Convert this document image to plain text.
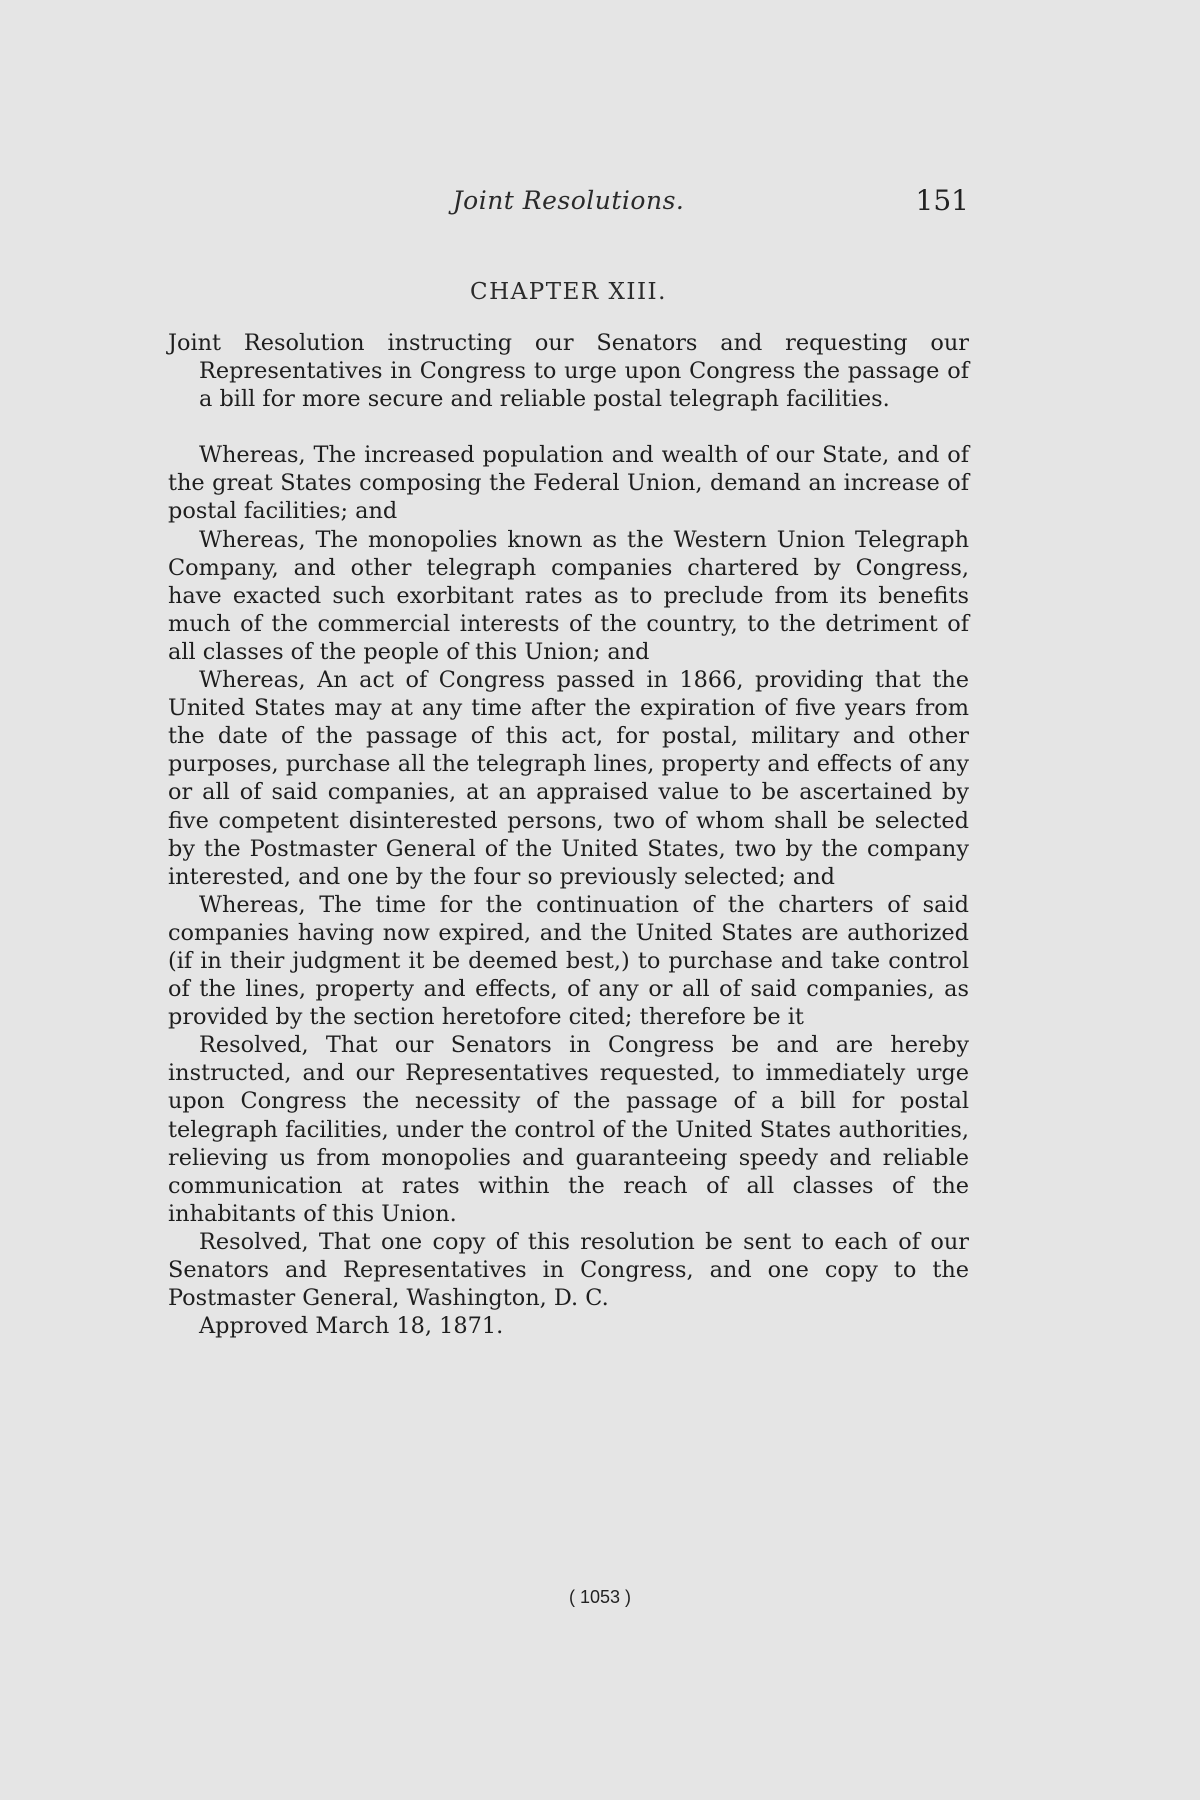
Joint Resolutions.	151
CHAPTER XIII.

Joint Resolution instructing our Senators and requesting our Representatives in Congress to urge upon Congress the passage of a bill for more secure and reliable postal telegraph facilities.

Whereas, The increased population and wealth of our State, and of the great States composing the Federal Union, demand an increase of postal facilities; and

Whereas, The monopolies known as the Western Union Telegraph Company, and other telegraph companies chartered by Congress, have exacted such exorbitant rates as to preclude from its benefits much of the commercial interests of the country, to the detriment of all classes of the people of this Union; and

Whereas, An act of Congress passed in 1866, providing that the United States may at any time after the expiration of five years from the date of the passage of this act, for postal, military and other purposes, purchase all the telegraph lines, property and effects of any or all of said companies, at an appraised value to be ascertained by five competent disinterested persons, two of whom shall be selected by the Postmaster General of the United States, two by the company interested, and one by the four so previously selected; and

Whereas, The time for the continuation of the charters of said companies having now expired, and the United States are authorized (if in their judgment it be deemed best,) to purchase and take control of the lines, property and effects, of any or all of said companies, as provided by the section heretofore cited; therefore be it

Resolved, That our Senators in Congress be and are hereby instructed, and our Representatives requested, to immediately urge upon Congress the necessity of the passage of a bill for postal telegraph facilities, under the control of the United States authorities, relieving us from monopolies and guaranteeing speedy and reliable communication at rates within the reach of all classes of the inhabitants of this Union.

Resolved, That one copy of this resolution be sent to each of our Senators and Representatives in Congress, and one copy to the Postmaster General, Washington, D. C.

Approved March 18, 1871.

( 1053 )
